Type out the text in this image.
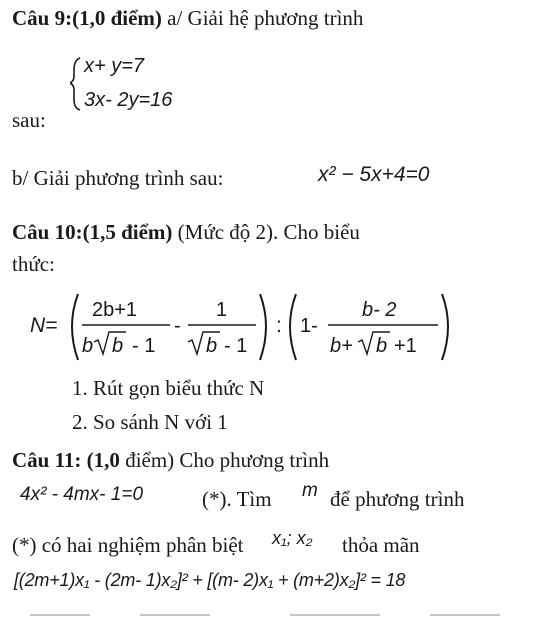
Câu 9:(1,0 điểm) a/ Giải hệ phương trình
x+ y=7
3x- 2y=16
sau:
b/ Giải phương trình sau:	x² − 5x+4=0
Câu 10:(1,5 điểm) (Mức độ 2). Cho biểu
thức:
N=
2b+1
b b - 1
-
1
b - 1
: 1-
b- 2
b+ b +1
1. Rút gọn biểu thức N
2. So sánh N với 1
Câu 11: (1,0 điểm) Cho phương trình
4x² - 4mx- 1=0	(*). Tìm m để phương trình
(*) có hai nghiệm phân biệt x₁; x₂ thỏa mãn
[(2m+1)x₁ - (2m- 1)x₂]² + [(m- 2)x₁ + (m+2)x₂]² = 18
